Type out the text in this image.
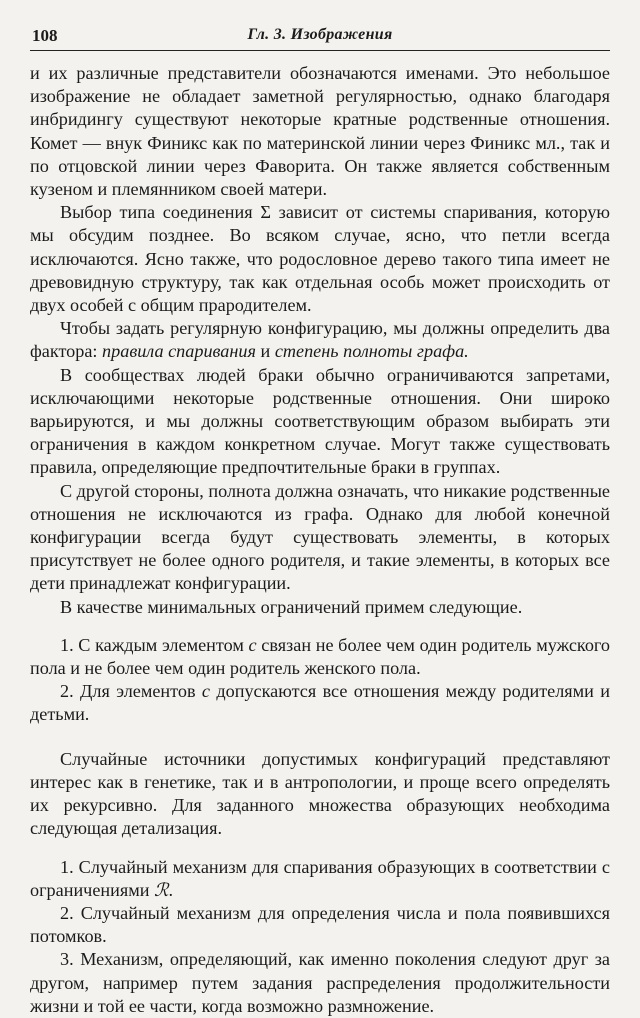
108	Гл. 3. Изображения

и их различные представители обозначаются именами. Это небольшое изображение не обладает заметной регулярностью, однако благодаря инбридингу существуют некоторые кратные родственные отношения. Комет — внук Финикс как по материнской линии через Финикс мл., так и по отцовской линии через Фаворита. Он также является собственным кузеном и племянником своей матери.

Выбор типа соединения Σ зависит от системы спаривания, которую мы обсудим позднее. Во всяком случае, ясно, что петли всегда исключаются. Ясно также, что родословное дерево такого типа имеет не древовидную структуру, так как отдельная особь может происходить от двух особей с общим прародителем.

Чтобы задать регулярную конфигурацию, мы должны определить два фактора: правила спаривания и степень полноты графа.

В сообществах людей браки обычно ограничиваются запретами, исключающими некоторые родственные отношения. Они широко варьируются, и мы должны соответствующим образом выбирать эти ограничения в каждом конкретном случае. Могут также существовать правила, определяющие предпочтительные браки в группах.

С другой стороны, полнота должна означать, что никакие родственные отношения не исключаются из графа. Однако для любой конечной конфигурации всегда будут существовать элементы, в которых присутствует не более одного родителя, и такие элементы, в которых все дети принадлежат конфигурации.

В качестве минимальных ограничений примем следующие.

1. С каждым элементом c связан не более чем один родитель мужского пола и не более чем один родитель женского пола.

2. Для элементов c допускаются все отношения между родителями и детьми.

Случайные источники допустимых конфигураций представляют интерес как в генетике, так и в антропологии, и проще всего определять их рекурсивно. Для заданного множества образующих необходима следующая детализация.

1. Случайный механизм для спаривания образующих в соответствии с ограничениями ℛ.

2. Случайный механизм для определения числа и пола появившихся потомков.

3. Механизм, определяющий, как именно поколения следуют друг за другом, например путем задания распределения продолжительности жизни и той ее части, когда возможно размножение.
